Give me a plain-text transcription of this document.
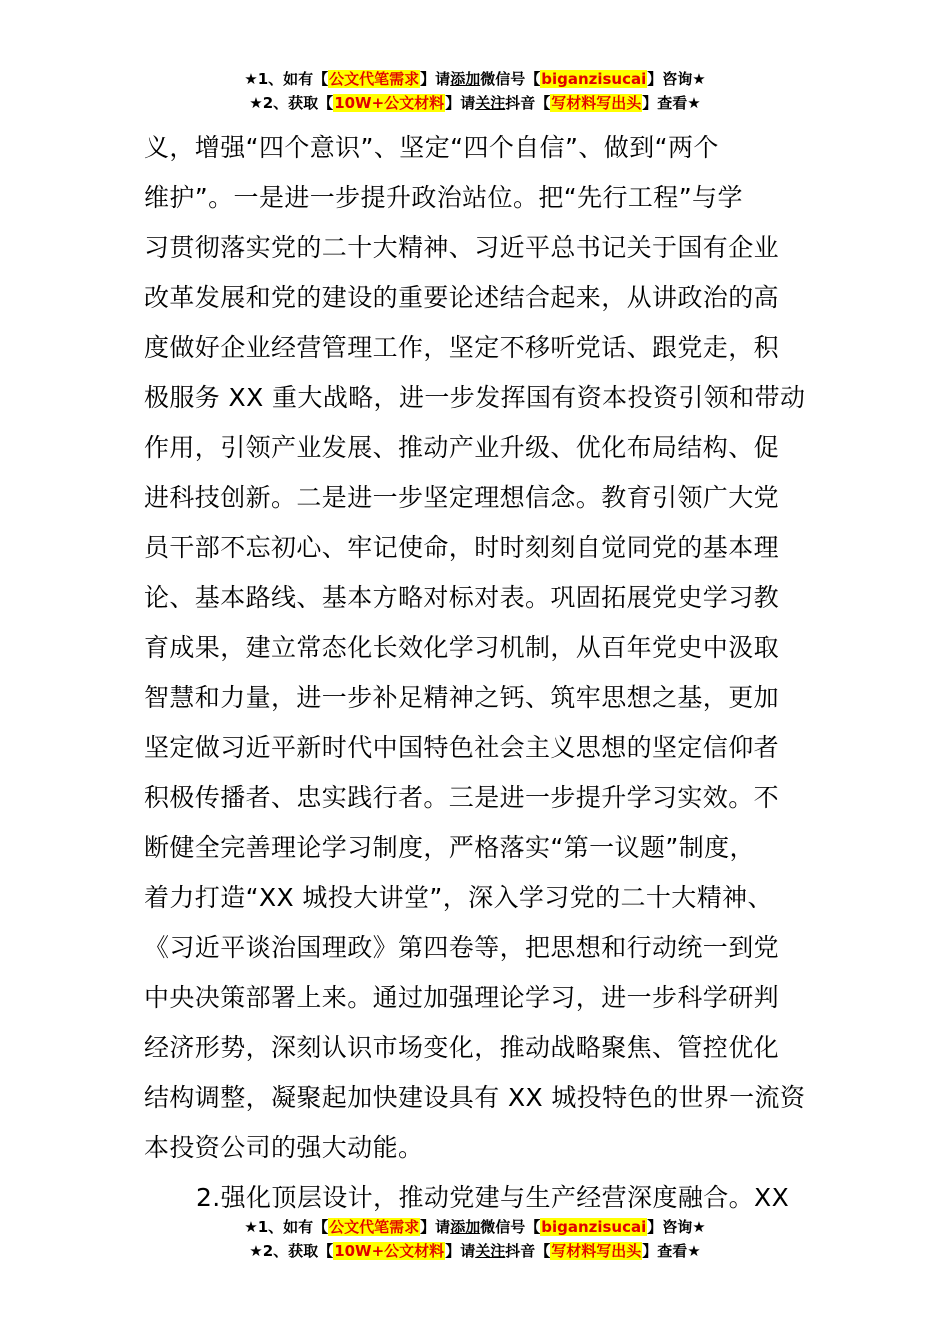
★1、如有【公文代笔需求】请添加微信号【biganzisucai】咨询★
★2、获取【10W+公文材料】请关注抖音【写材料写出头】查看★
义，增强“四个意识”、坚定“四个自信”、做到“两个
维护”。一是进一步提升政治站位。把“先行工程”与学
习贯彻落实党的二十大精神、习近平总书记关于国有企业
改革发展和党的建设的重要论述结合起来，从讲政治的高
度做好企业经营管理工作，坚定不移听党话、跟党走，积
极服务 XX 重大战略，进一步发挥国有资本投资引领和带动
作用，引领产业发展、推动产业升级、优化布局结构、促
进科技创新。二是进一步坚定理想信念。教育引领广大党
员干部不忘初心、牢记使命，时时刻刻自觉同党的基本理
论、基本路线、基本方略对标对表。巩固拓展党史学习教
育成果，建立常态化长效化学习机制，从百年党史中汲取
智慧和力量，进一步补足精神之钙、筑牢思想之基，更加
坚定做习近平新时代中国特色社会主义思想的坚定信仰者
积极传播者、忠实践行者。三是进一步提升学习实效。不
断健全完善理论学习制度，严格落实“第一议题”制度，
着力打造“XX 城投大讲堂”，深入学习党的二十大精神、
《习近平谈治国理政》第四卷等，把思想和行动统一到党
中央决策部署上来。通过加强理论学习，进一步科学研判
经济形势，深刻认识市场变化，推动战略聚焦、管控优化
结构调整，凝聚起加快建设具有 XX 城投特色的世界一流资
本投资公司的强大动能。
2.强化顶层设计，推动党建与生产经营深度融合。XX
★1、如有【公文代笔需求】请添加微信号【biganzisucai】咨询★
★2、获取【10W+公文材料】请关注抖音【写材料写出头】查看★
